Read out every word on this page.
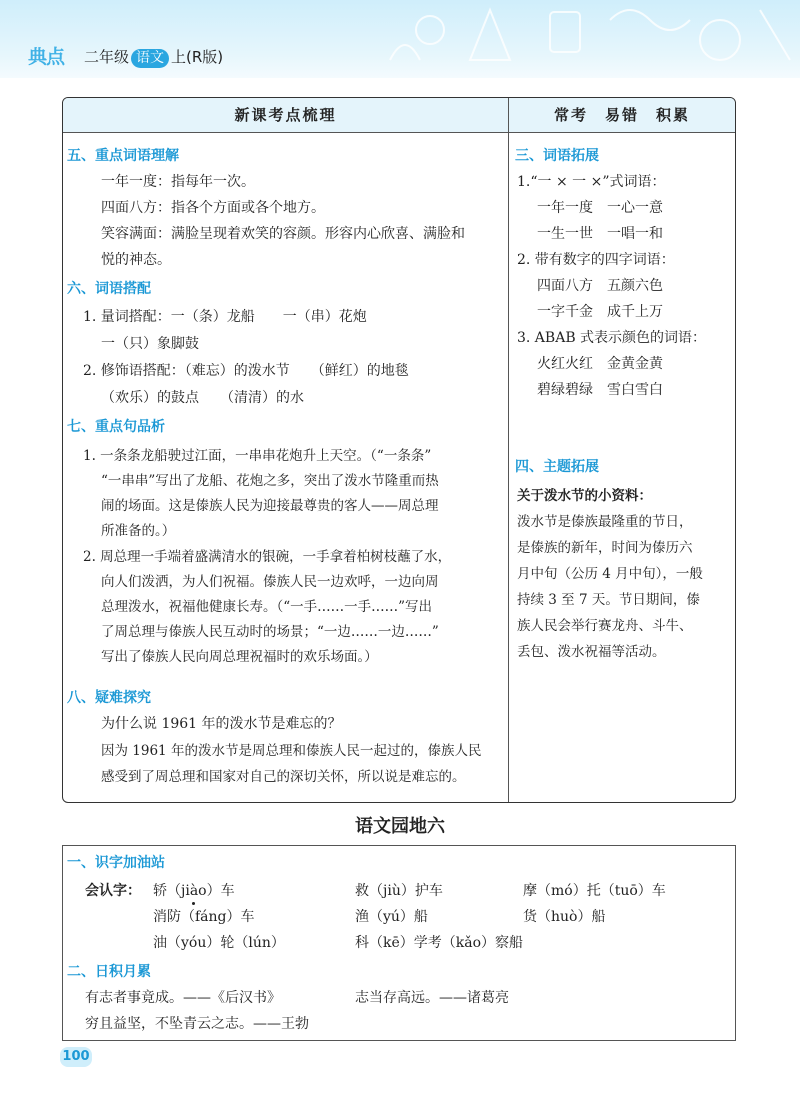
典点 二年级 语文 上(R版)
新课考点梳理	常考　易错　积累
五、重点词语理解
一年一度：指每年一次。
四面八方：指各个方面或各个地方。
笑容满面：满脸呈现着欢笑的容颜。形容内心欣喜、满脸和
悦的神态。
六、词语搭配
1. 量词搭配：一（条）龙船　　一（串）花炮
一（只）象脚鼓
2. 修饰语搭配：（难忘）的泼水节　　（鲜红）的地毯
（欢乐）的鼓点　　（清清）的水
七、重点句品析
1. 一条条龙船驶过江面，一串串花炮升上天空。（“一条条”
“一串串”写出了龙船、花炮之多，突出了泼水节隆重而热
闹的场面。这是傣族人民为迎接最尊贵的客人——周总理
所准备的。）
2. 周总理一手端着盛满清水的银碗，一手拿着柏树枝蘸了水，
向人们泼洒，为人们祝福。傣族人民一边欢呼，一边向周
总理泼水，祝福他健康长寿。（“一手……一手……”写出
了周总理与傣族人民互动时的场景；“一边……一边……”
写出了傣族人民向周总理祝福时的欢乐场面。）
八、疑难探究
为什么说 1961 年的泼水节是难忘的？
因为 1961 年的泼水节是周总理和傣族人民一起过的，傣族人民
感受到了周总理和国家对自己的深切关怀，所以说是难忘的。
三、词语拓展
1.“一 × 一 ×”式词语：
一年一度　一心一意
一生一世　一唱一和
2. 带有数字的四字词语：
四面八方　五颜六色
一字千金　成千上万
3. ABAB 式表示颜色的词语：
火红火红　金黄金黄
碧绿碧绿　雪白雪白
四、主题拓展
关于泼水节的小资料：
泼水节是傣族最隆重的节日，
是傣族的新年，时间为傣历六
月中旬（公历 4 月中旬），一般
持续 3 至 7 天。节日期间，傣
族人民会举行赛龙舟、斗牛、
丢包、泼水祝福等活动。
语文园地六
一、识字加油站
会认字： 轿（jiào）车	救（jiù）护车	摩（mó）托（tuō）车
消防（fáng）车	渔（yú）船	货（huò）船
油（yóu）轮（lún）	科（kē）学考（kǎo）察船
二、日积月累
有志者事竟成。——《后汉书》	志当存高远。——诸葛亮
穷且益坚，不坠青云之志。——王勃
100
